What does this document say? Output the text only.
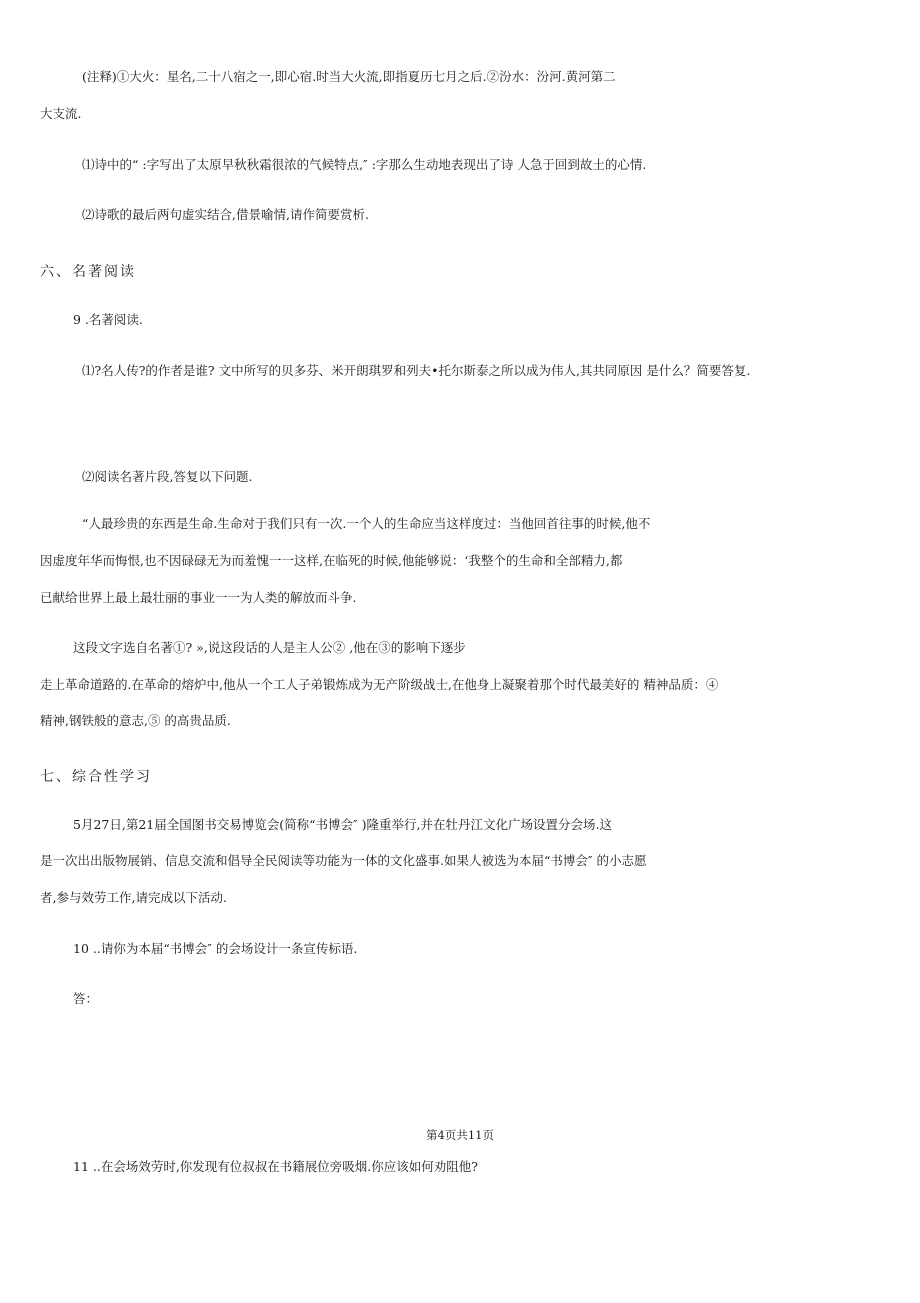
(注释)①大火：星名,二十八宿之一,即心宿.时当大火流,即指夏历七月之后.②汾水：汾河.黄河第二

大支流.

⑴诗中的“ :字写出了太原早秋秋霜很浓的气候特点,″ :字那么生动地表现出了诗 人急于回到故土的心情.

⑵诗歌的最后两句虚实结合,借景喻情,请作简要赏析.

六、名著阅读

9 .名著阅读.

⑴?名人传?的作者是谁? 文中所写的贝多芬、米开朗琪罗和列夫•托尔斯泰之所以成为伟人,其共同原因 是什么？简要答复.

⑵阅读名著片段,答复以下问题.

“人最珍贵的东西是生命.生命对于我们只有一次.一个人的生命应当这样度过：当他回首往事的时候,他不

因虚度年华而悔恨,也不因碌碌无为而羞愧一一这样,在临死的时候,他能够说：‘我整个的生命和全部精力,都

已献给世界上最上最壮丽的事业一一为人类的解放而斗争.

这段文字选自名著①? »,说这段话的人是主人公② ,他在③的影响下逐步

走上革命道路的.在革命的熔炉中,他从一个工人子弟锻炼成为无产阶级战士,在他身上凝聚着那个时代最美好的 精神品质：④

精神,钢铁般的意志,⑤ 的高贵品质.

七、综合性学习

5月27日,第21届全国图书交易博览会(简称“书博会″ )隆重举行,并在牡丹江文化广场设置分会场.这

是一次出出版物展销、信息交流和倡导全民阅读等功能为一体的文化盛事.如果人被选为本届“书博会″ 的小志愿

者,参与效劳工作,请完成以下活动.

10 ..请你为本届“书博会″ 的会场设计一条宣传标语.

答：

第4页共11页

11 ..在会场效劳时,你发现有位叔叔在书籍展位旁吸烟.你应该如何劝阻他?
